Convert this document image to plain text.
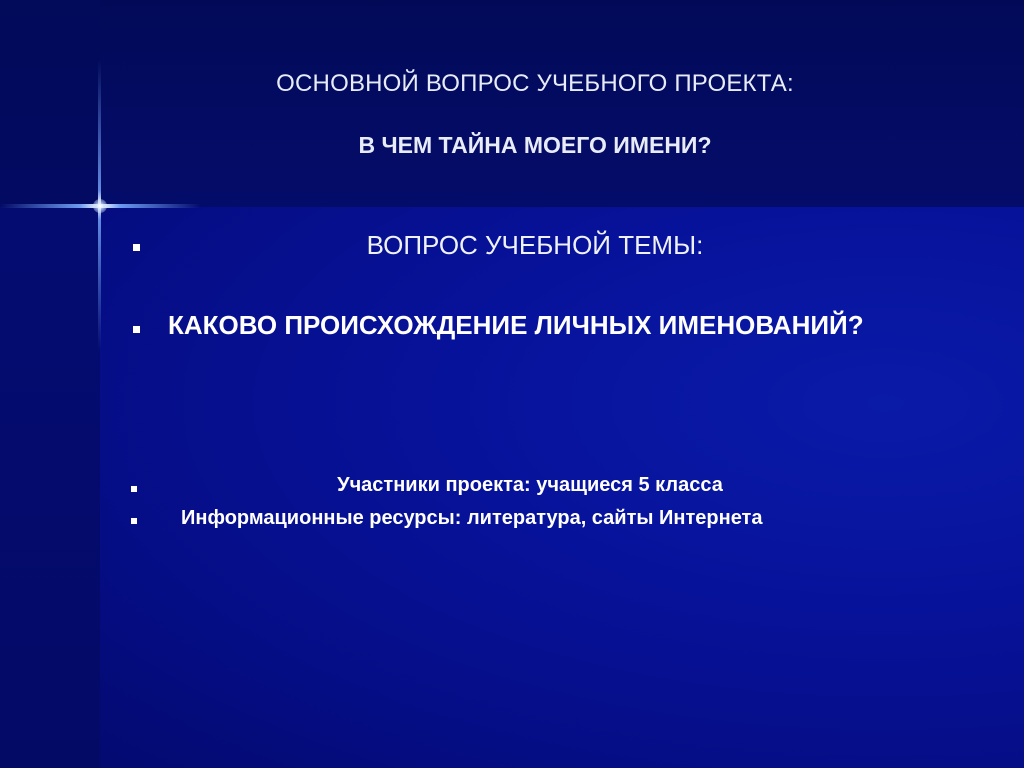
ОСНОВНОЙ ВОПРОС УЧЕБНОГО ПРОЕКТА:
В ЧЕМ ТАЙНА МОЕГО ИМЕНИ?
ВОПРОС УЧЕБНОЙ ТЕМЫ:
КАКОВО ПРОИСХОЖДЕНИЕ ЛИЧНЫХ ИМЕНОВАНИЙ?
Участники проекта: учащиеся 5 класса
Информационные ресурсы: литература, сайты Интернета
